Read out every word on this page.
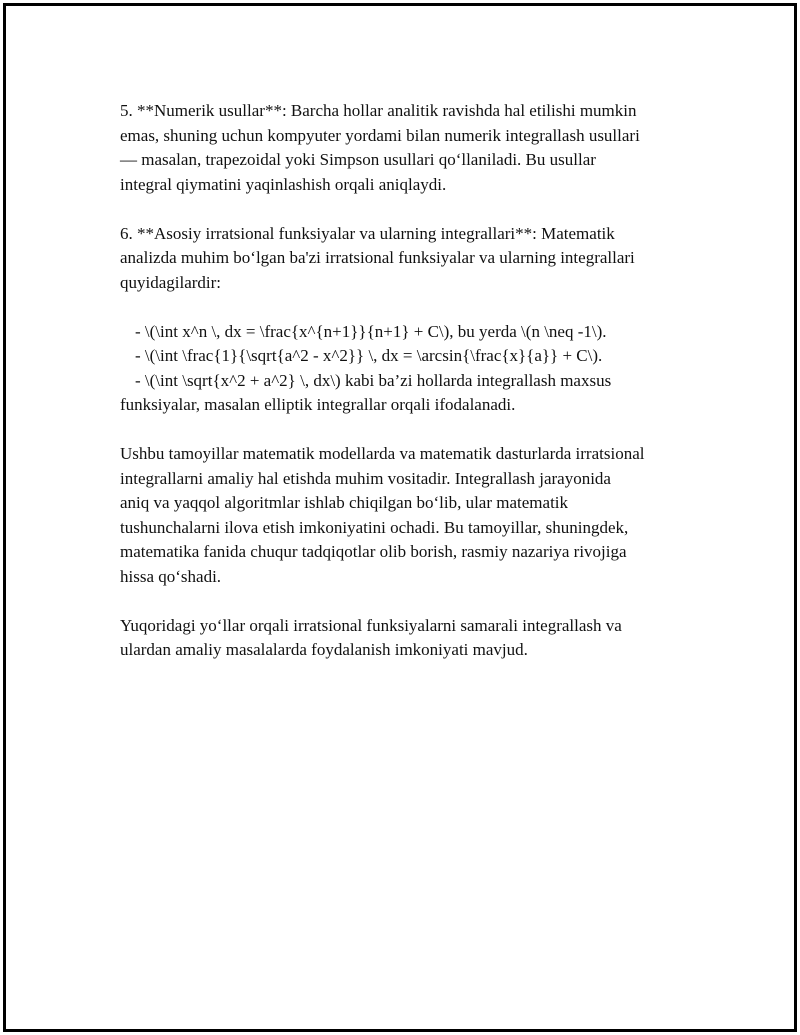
5. **Numerik usullar**: Barcha hollar analitik ravishda hal etilishi mumkin
emas, shuning uchun kompyuter yordami bilan numerik integrallash usullari
— masalan, trapezoidal yoki Simpson usullari qo‘llaniladi. Bu usullar
integral qiymatini yaqinlashish orqali aniqlaydi.

6. **Asosiy irratsional funksiyalar va ularning integrallari**: Matematik
analizda muhim bo‘lgan ba'zi irratsional funksiyalar va ularning integrallari
quyidagilardir:

- \(\int x^n \, dx = \frac{x^{n+1}}{n+1} + C\), bu yerda \(n \neq -1\).

- \(\int \frac{1}{\sqrt{a^2 - x^2}} \, dx = \arcsin{\frac{x}{a}} + C\).

- \(\int \sqrt{x^2 + a^2} \, dx\) kabi ba’zi hollarda integrallash maxsus
funksiyalar, masalan elliptik integrallar orqali ifodalanadi.

Ushbu tamoyillar matematik modellarda va matematik dasturlarda irratsional
integrallarni amaliy hal etishda muhim vositadir. Integrallash jarayonida
aniq va yaqqol algoritmlar ishlab chiqilgan bo‘lib, ular matematik
tushunchalarni ilova etish imkoniyatini ochadi. Bu tamoyillar, shuningdek,
matematika fanida chuqur tadqiqotlar olib borish, rasmiy nazariya rivojiga
hissa qo‘shadi.

Yuqoridagi yo‘llar orqali irratsional funksiyalarni samarali integrallash va
ulardan amaliy masalalarda foydalanish imkoniyati mavjud.
